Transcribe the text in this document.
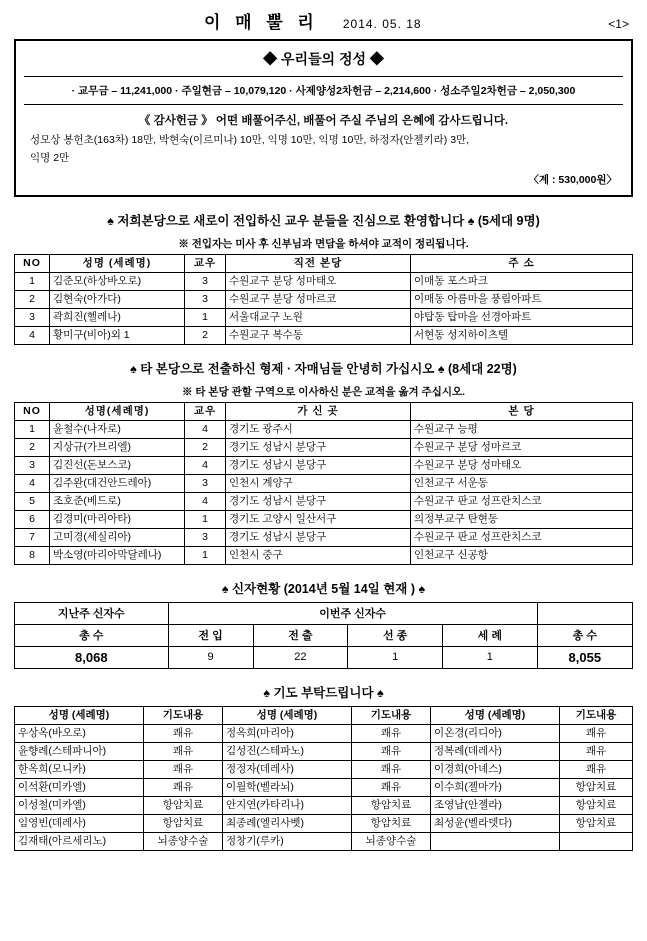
이 매 뿔 리 2014. 05. 18	<1>
◆ 우리들의 정성 ◆
· 교무금 – 11,241,000 · 주일현금 – 10,079,120 · 사제양성2차헌금 – 2,214,600 · 성소주일2차헌금 – 2,050,300
《 감사헌금 》 어떤 배풀어주신, 배풀어 주실 주님의 은혜에 감사드립니다.
성모상 봉헌초(163차) 18만, 박현숙(이르미나) 10만, 익명 10만, 익명 10만, 하정자(안젤키라) 3만,
익명 2만
〈계 : 530,000원〉
♠ 저희본당으로 새로이 전입하신 교우 분들을 진심으로 환영합니다 ♠ (5세대 9명)
※ 전입자는 미사 후 신부님과 면담을 하셔야 교적이 정리됩니다.
NO	성명 (세례명)	교우	직전 본당	주 소
1	김준모(하상바오로)	3	수원교구 분당 성마태오	이매동 포스파크
2	김현숙(아가다)	3	수원교구 분당 성마르코	이매동 아름마을 풍림아파트
3	곽희진(헬레나)	1	서울대교구 노원	야탑동 탑마을 선경아파트
4	황미구(비아)외 1	2	수원교구 복수동	서현동 성지하이츠텔
♠ 타 본당으로 전출하신 형제 · 자매님들 안녕히 가십시오 ♠ (8세대 22명)
※ 타 본당 관할 구역으로 이사하신 분은 교적을 옮겨 주십시오.
NO	성명(세례명)	교우	가 신 곳	본 당
1	윤철수(나자로)	4	경기도 광주시	수원교구 능평
2	지상규(가브리엘)	2	경기도 성남시 분당구	수원교구 분당 성마르코
3	김진선(돈보스코)	4	경기도 성남시 분당구	수원교구 분당 성마태오
4	김주완(대건안드레아)	3	인천시 계양구	인천교구 서운동
5	조호준(베드로)	4	경기도 성남시 분당구	수원교구 판교 성프란치스코
6	김경미(마리아타)	1	경기도 고양시 일산서구	의정부교구 탄현동
7	고미경(세실리아)	3	경기도 성남시 분당구	수원교구 판교 성프란치스코
8	박소영(마리아막달레나)	1	인천시 중구	인천교구 신공항
♠ 신자현황 (2014년 5월 14일 현재 ) ♠
지난주 신자수	이번주 신자수				
총 수	전 입	전 출	선 종	세 례	총 수
8,068	9	22	1	1	8,055
♠ 기도 부탁드립니다 ♠
성명 (세례명)	기도내용	성명 (세례명)	기도내용	성명 (세례명)	기도내용
우상옥(바오로)	쾌유	정옥희(마리아)	쾌유	이온경(리디아)	쾌유
윤향례(스테파니아)	쾌유	김성진(스테파노)	쾌유	정복례(데레사)	쾌유
한옥희(모니카)	쾌유	정정자(데레사)	쾌유	이경희(아녜스)	쾌유
이석환(미카엘)	쾌유	이월학(벨라뇌)	쾌유	이수희(젤마가)	항암치료
이성철(미카엘)	항암치료	안지연(카타리나)	항암치료	조영남(안젤라)	항암치료
임영빈(데레사)	항암치료	최종례(엘리사벳)	항암치료	최성윤(벨라뎃다)	항암치료
김재태(아르세리노)	뇌종양수술	정창기(루카)	뇌종양수술		
